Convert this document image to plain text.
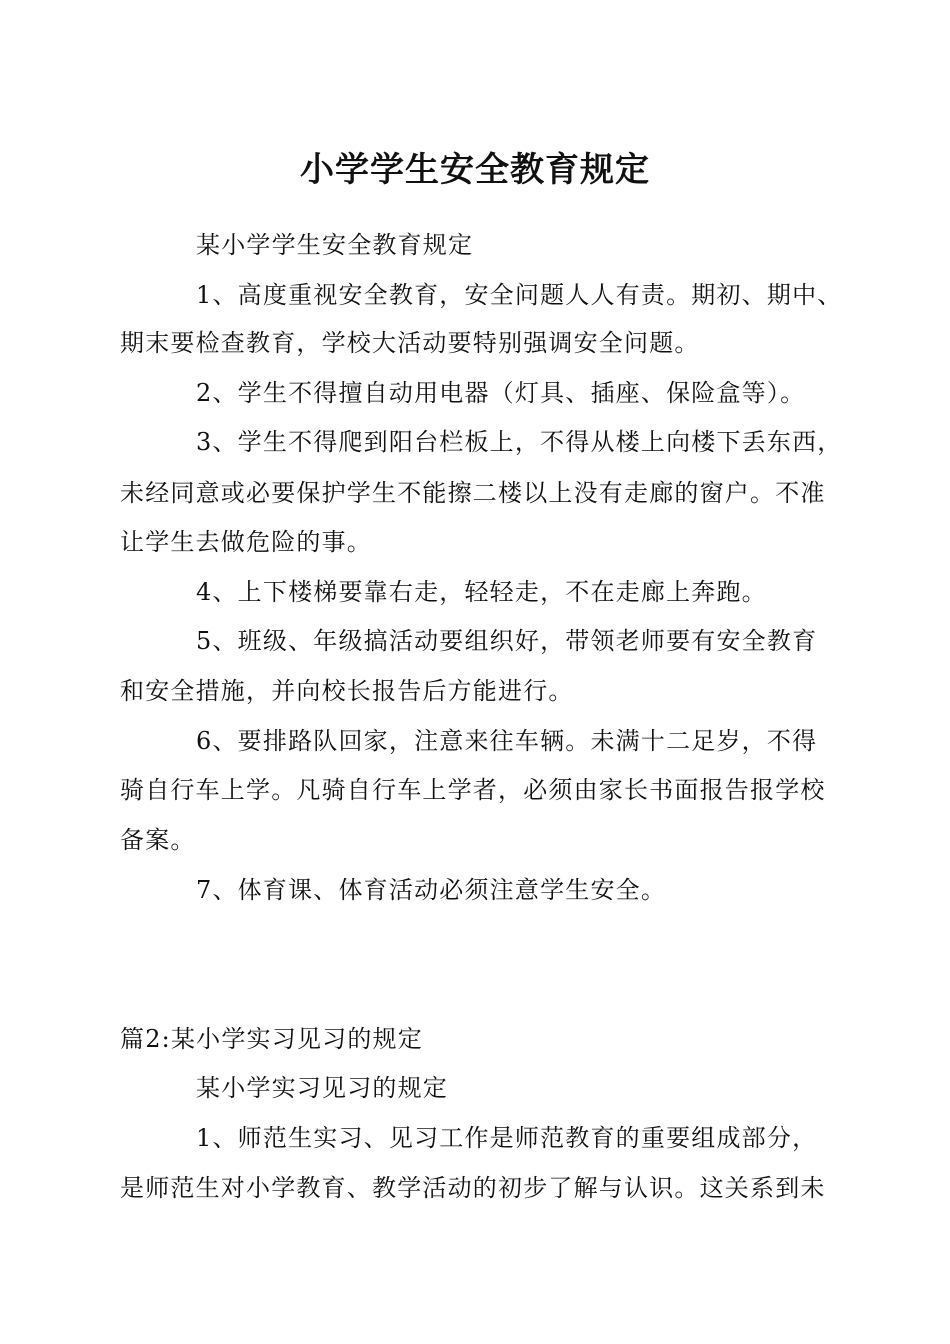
小学学生安全教育规定
某小学学生安全教育规定
1、高度重视安全教育，安全问题人人有责。期初、期中、
期末要检查教育，学校大活动要特别强调安全问题。
2、学生不得擅自动用电器（灯具、插座、保险盒等）。
3、学生不得爬到阳台栏板上，不得从楼上向楼下丢东西，
未经同意或必要保护学生不能擦二楼以上没有走廊的窗户。不准
让学生去做危险的事。
4、上下楼梯要靠右走，轻轻走，不在走廊上奔跑。
5、班级、年级搞活动要组织好，带领老师要有安全教育
和安全措施，并向校长报告后方能进行。
6、要排路队回家，注意来往车辆。未满十二足岁，不得
骑自行车上学。凡骑自行车上学者，必须由家长书面报告报学校
备案。
7、体育课、体育活动必须注意学生安全。
篇2:某小学实习见习的规定
某小学实习见习的规定
1、师范生实习、见习工作是师范教育的重要组成部分，
是师范生对小学教育、教学活动的初步了解与认识。这关系到未
